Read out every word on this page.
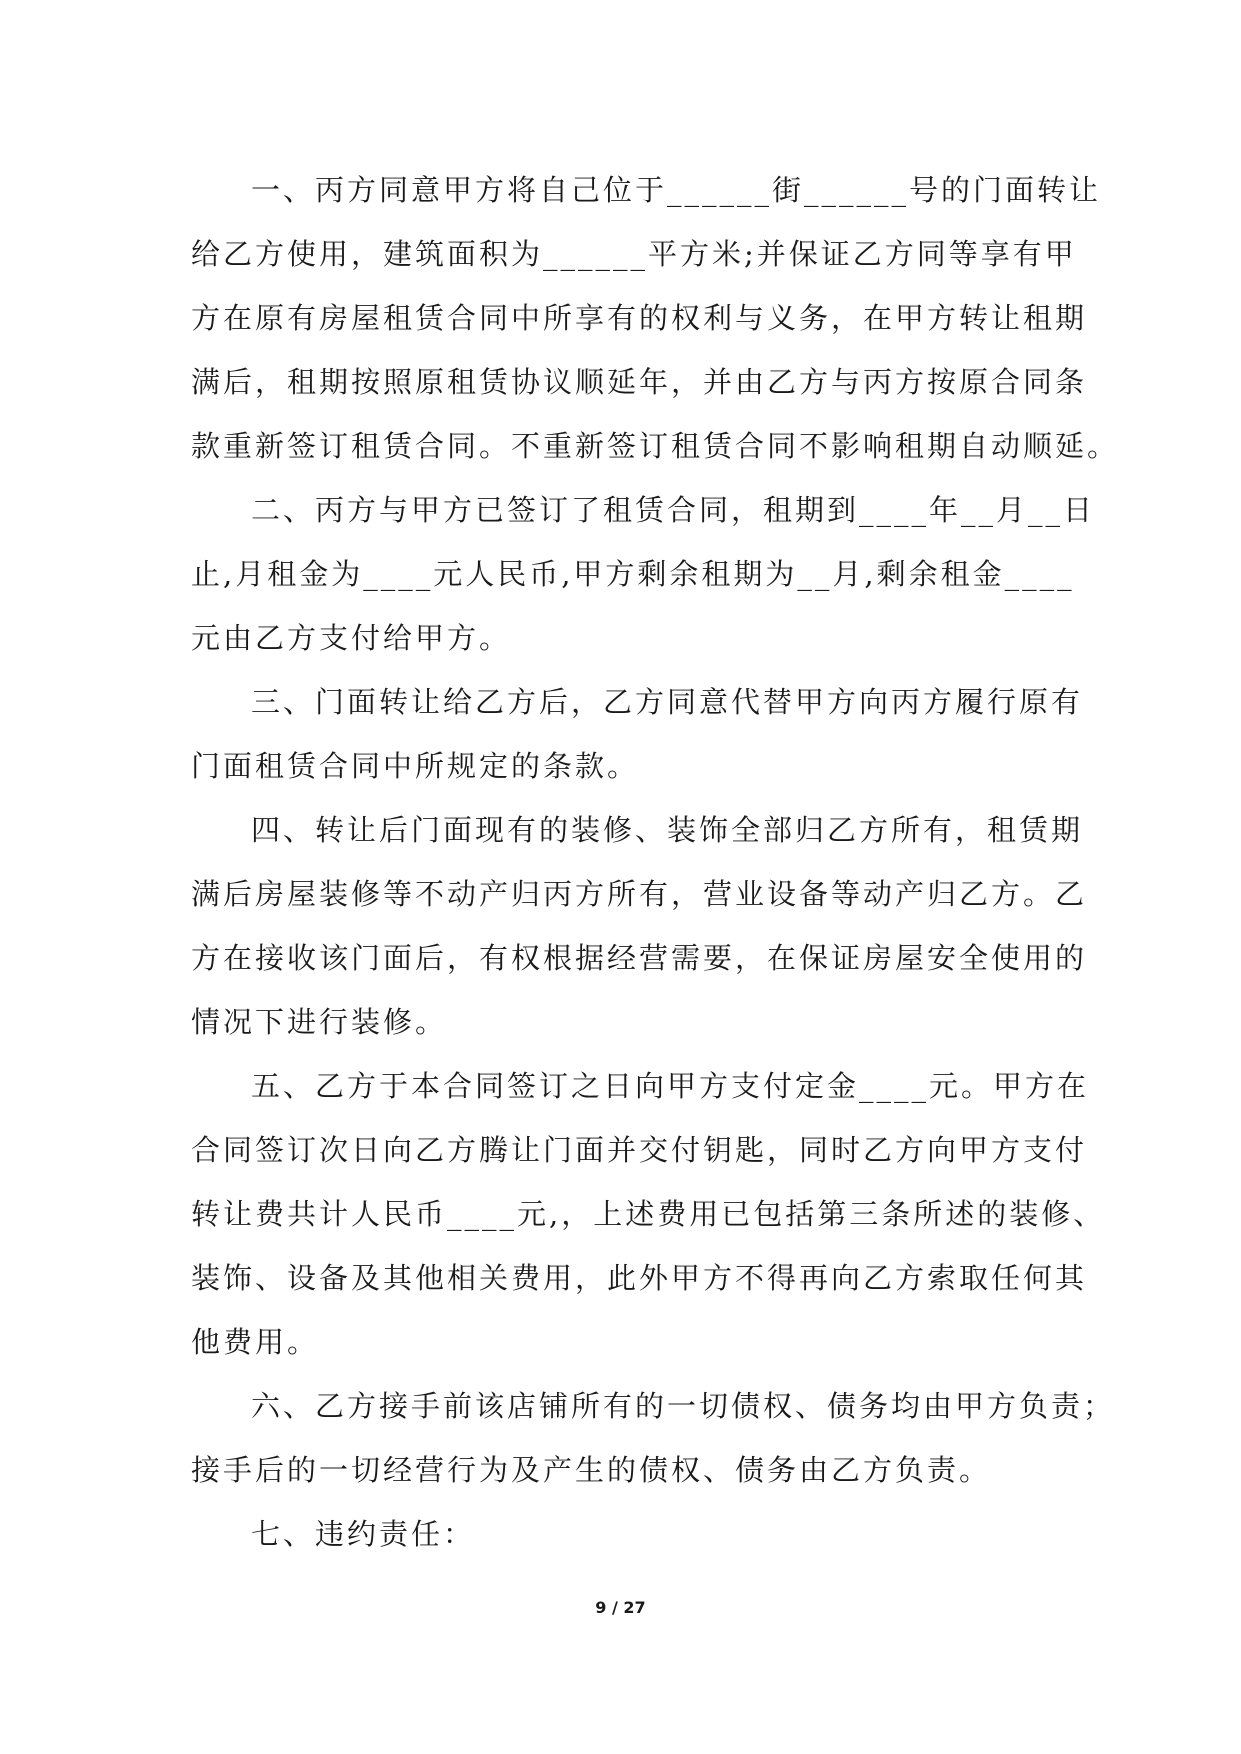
一、丙方同意甲方将自己位于______街______号的门面转让
给乙方使用，建筑面积为______平方米;并保证乙方同等享有甲
方在原有房屋租赁合同中所享有的权利与义务，在甲方转让租期
满后，租期按照原租赁协议顺延年，并由乙方与丙方按原合同条
款重新签订租赁合同。不重新签订租赁合同不影响租期自动顺延。
二、丙方与甲方已签订了租赁合同，租期到____年__月__日
止,月租金为____元人民币,甲方剩余租期为__月,剩余租金____
元由乙方支付给甲方。
三、门面转让给乙方后，乙方同意代替甲方向丙方履行原有
门面租赁合同中所规定的条款。
四、转让后门面现有的装修、装饰全部归乙方所有，租赁期
满后房屋装修等不动产归丙方所有，营业设备等动产归乙方。乙
方在接收该门面后，有权根据经营需要，在保证房屋安全使用的
情况下进行装修。
五、乙方于本合同签订之日向甲方支付定金____元。甲方在
合同签订次日向乙方腾让门面并交付钥匙，同时乙方向甲方支付
转让费共计人民币____元,，上述费用已包括第三条所述的装修、
装饰、设备及其他相关费用，此外甲方不得再向乙方索取任何其
他费用。
六、乙方接手前该店铺所有的一切债权、债务均由甲方负责；
接手后的一切经营行为及产生的债权、债务由乙方负责。
七、违约责任：
9 / 27
